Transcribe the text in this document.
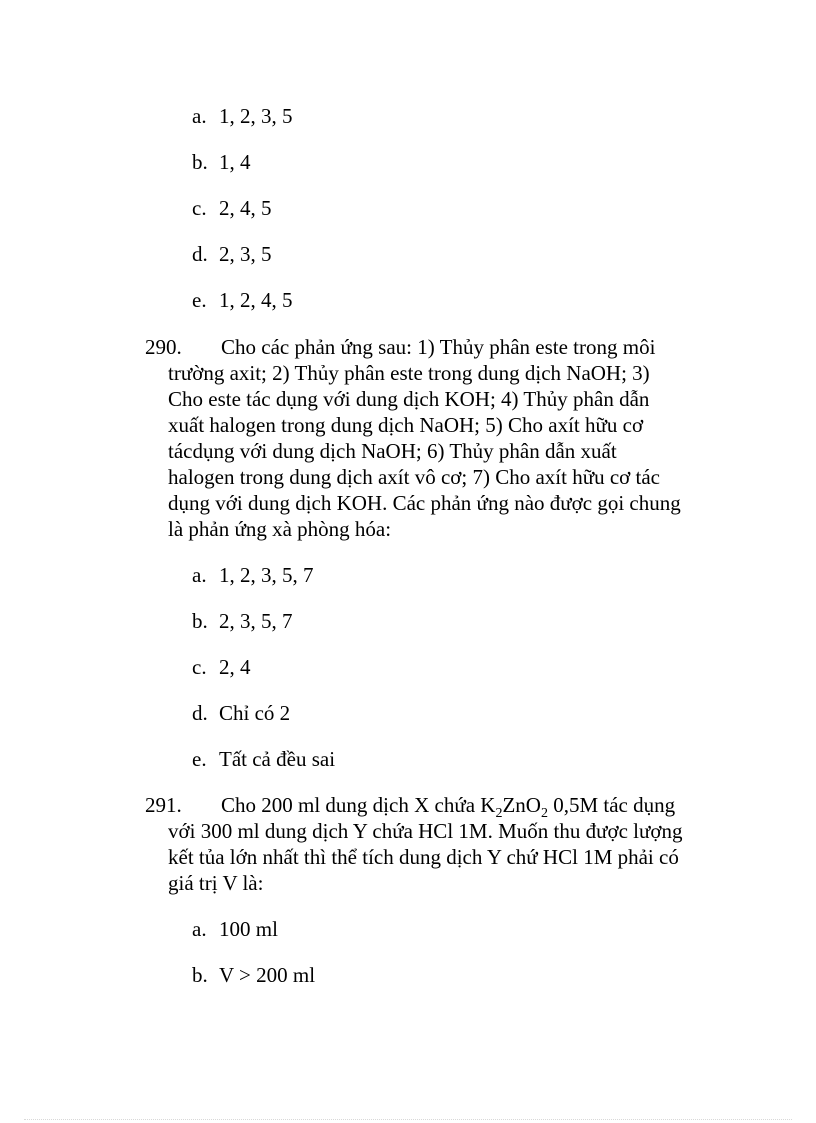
a. 1, 2, 3, 5
b. 1, 4
c. 2, 4, 5
d. 2, 3, 5
e. 1, 2, 4, 5
290.	Cho các phản ứng sau: 1) Thủy phân este trong môi
trường axit; 2) Thủy phân este trong dung dịch NaOH; 3)
Cho este tác dụng với dung dịch KOH; 4) Thủy phân dẫn
xuất halogen trong dung dịch NaOH; 5) Cho axít hữu cơ
tácdụng với dung dịch NaOH; 6) Thủy phân dẫn xuất
halogen trong dung dịch axít vô cơ; 7) Cho axít hữu cơ tác
dụng với dung dịch KOH. Các phản ứng nào được gọi chung
là phản ứng xà phòng hóa:
a. 1, 2, 3, 5, 7
b. 2, 3, 5, 7
c. 2, 4
d. Chỉ có 2
e. Tất cả đều sai
291.	Cho 200 ml dung dịch X chứa $K_2ZnO_2$ 0,5M tác dụng
với 300 ml dung dịch Y chứa HCl 1M. Muốn thu được lượng
kết tủa lớn nhất thì thể tích dung dịch Y chứ HCl 1M phải có
giá trị V là:
a. 100 ml
b. V > 200 ml
